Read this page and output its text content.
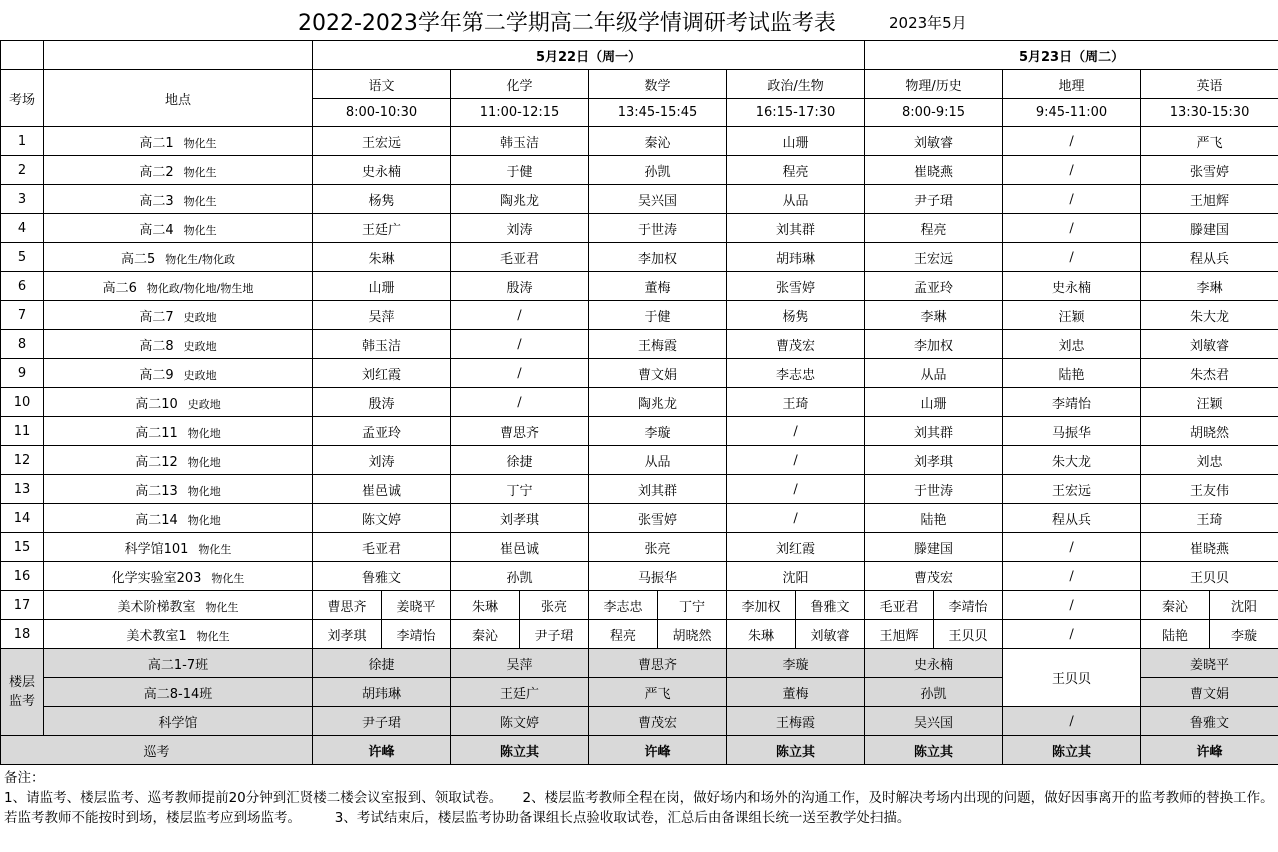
2022-2023学年第二学期高二年级学情调研考试监考表	2023年5月
		5月22日（周一）								5月23日（周二）				
考场	地点	语文		化学		数学		政治/生物		物理/历史		地理	英语	
		8:00-10:30		11:00-12:15		13:45-15:45		16:15-17:30		8:00-9:15		9:45-11:00	13:30-15:30	
1	高二1 物化生	王宏远		韩玉洁		秦沁		山珊		刘敏睿		/	严飞	
2	高二2 物化生	史永楠		于健		孙凯		程亮		崔晓燕		/	张雪婷	
3	高二3 物化生	杨隽		陶兆龙		吴兴国		从品		尹子珺		/	王旭辉	
4	高二4 物化生	王廷广		刘涛		于世涛		刘其群		程亮		/	滕建国	
5	高二5 物化生/物化政	朱琳		毛亚君		李加权		胡玮琳		王宏远		/	程从兵	
6	高二6 物化政/物化地/物生地	山珊		殷涛		董梅		张雪婷		孟亚玲		史永楠	李琳	
7	高二7 史政地	吴萍		/		于健		杨隽		李琳		汪颖	朱大龙	
8	高二8 史政地	韩玉洁		/		王梅霞		曹茂宏		李加权		刘忠	刘敏睿	
9	高二9 史政地	刘红霞		/		曹文娟		李志忠		从品		陆艳	朱杰君	
10	高二10 史政地	殷涛		/		陶兆龙		王琦		山珊		李靖怡	汪颖	
11	高二11 物化地	孟亚玲		曹思齐		李璇		/		刘其群		马振华	胡晓然	
12	高二12 物化地	刘涛		徐捷		从品		/		刘孝琪		朱大龙	刘忠	
13	高二13 物化地	崔邑诚		丁宁		刘其群		/		于世涛		王宏远	王友伟	
14	高二14 物化地	陈文婷		刘孝琪		张雪婷		/		陆艳		程从兵	王琦	
15	科学馆101 物化生	毛亚君		崔邑诚		张亮		刘红霞		滕建国		/	崔晓燕	
16	化学实验室203 物化生	鲁雅文		孙凯		马振华		沈阳		曹茂宏		/	王贝贝	
17	美术阶梯教室 物化生	曹思齐	姜晓平	朱琳	张亮	李志忠	丁宁	李加权	鲁雅文	毛亚君	李靖怡	/	秦沁	沈阳
18	美术教室1 物化生	刘孝琪	李靖怡	秦沁	尹子珺	程亮	胡晓然	朱琳	刘敏睿	王旭辉	王贝贝	/	陆艳	李璇
楼层监考	高二1-7班	徐捷		吴萍		曹思齐		李璇		史永楠		王贝贝	姜晓平	
	高二8-14班	胡玮琳		王廷广		严飞		董梅		孙凯			曹文娟	
	科学馆	尹子珺		陈文婷		曹茂宏		王梅霞		吴兴国		/	鲁雅文	
巡考		许峰		陈立其		许峰		陈立其		陈立其		陈立其	许峰	

备注：

1、请监考、楼层监考、巡考教师提前20分钟到汇贤楼二楼会议室报到、领取试卷。　　 2、楼层监考教师全程在岗，做好场内和场外的沟通工作，及时解决考场内出现的问题，做好因事离开的监考教师的替换工作。若监考教师不能按时到场，楼层监考应到场监考。　　　	3、考试结束后，楼层监考协助备课组长点验收取试卷，汇总后由备课组长统一送至教学处扫描。
